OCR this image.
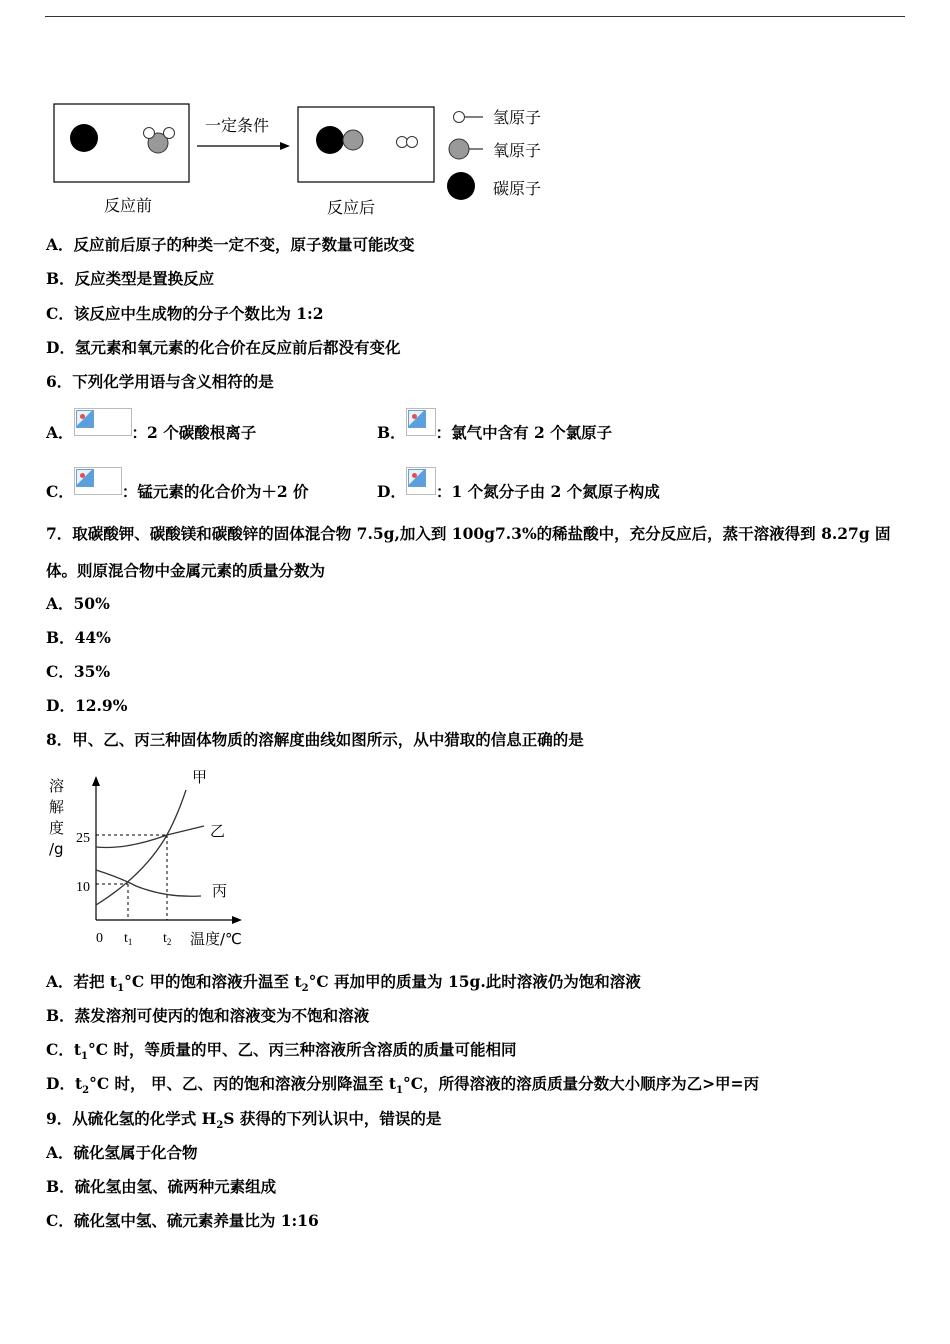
一定条件
反应前	反应后
氢原子
氧原子
碳原子
A．反应前后原子的种类一定不变，原子数量可能改变
B．反应类型是置换反应
C．该反应中生成物的分子个数比为 1:2
D．氢元素和氧元素的化合价在反应前后都没有变化
6．下列化学用语与含义相符的是
A．	：2 个碳酸根离子	B． ：氯气中含有 2 个氯原子
C．	：锰元素的化合价为＋2 价	D． ：1 个氮分子由 2 个氮原子构成
7．取碳酸钾、碳酸镁和碳酸锌的固体混合物 7.5g,加入到 100g7.3%的稀盐酸中，充分反应后，蒸干溶液得到 8.27g 固
体。则原混合物中金属元素的质量分数为
A．50%
B．44%
C．35%
D．12.9%
8．甲、乙、丙三种固体物质的溶解度曲线如图所示，从中猎取的信息正确的是
溶
解
度
/g
25
10
0 $t_1$ $t_2$ 温度/℃
甲
乙
丙
A．若把 $t_1^\circ C$ 甲的饱和溶液升温至 $t_2^\circ C$ 再加甲的质量为 15g.此时溶液仍为饱和溶液
B．蒸发溶剂可使丙的饱和溶液变为不饱和溶液
C．$t_1^\circ C$ 时，等质量的甲、乙、丙三种溶液所含溶质的质量可能相同
D．$t_2^\circ C$ 时， 甲、乙、丙的饱和溶液分别降温至 $t_1^\circ C$，所得溶液的溶质质量分数大小顺序为乙>甲=丙
9．从硫化氢的化学式 $H_2S$ 获得的下列认识中，错误的是
A．硫化氢属于化合物
B．硫化氢由氢、硫两种元素组成
C．硫化氢中氢、硫元素养量比为 1:16
